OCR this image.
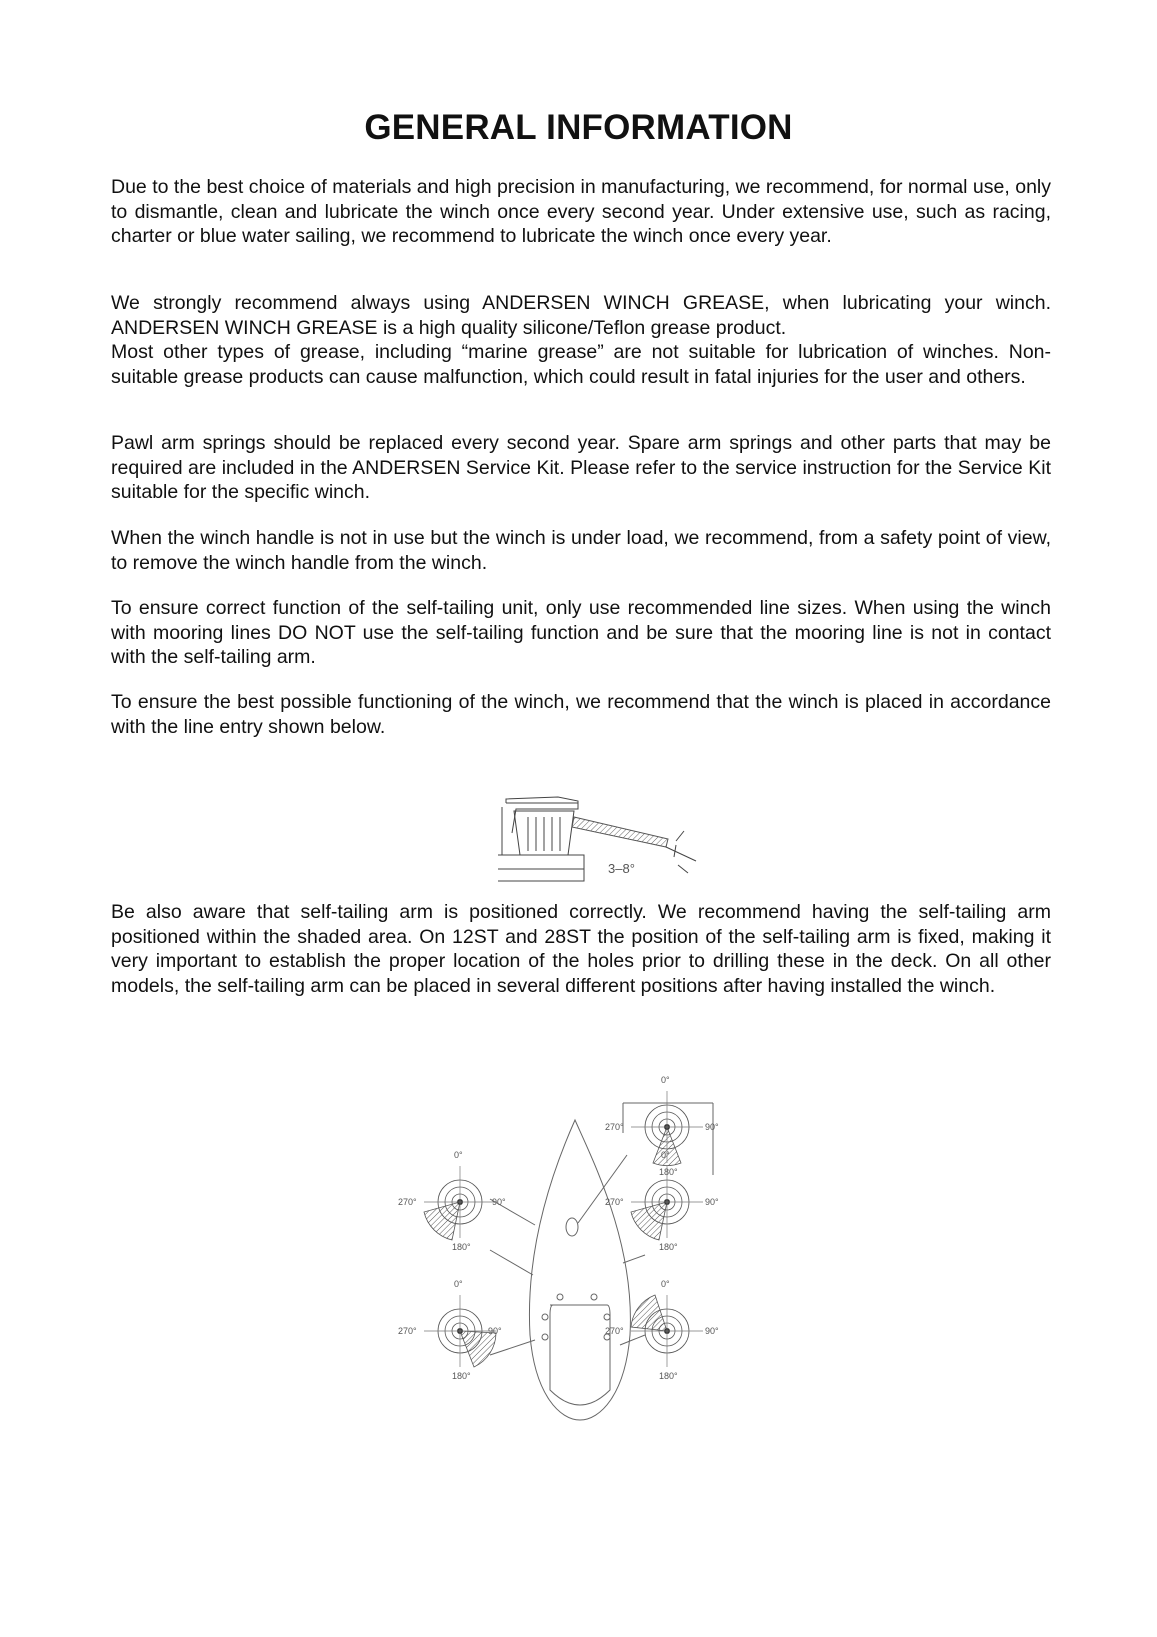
GENERAL INFORMATION
Due to the best choice of materials and high precision in manufacturing, we recommend, for normal use, only to dismantle, clean and lubricate the winch once every second year. Under extensive use, such as racing, charter or blue water sailing, we recommend to lubricate the winch once every year.
We strongly recommend always using ANDERSEN WINCH GREASE, when lubricating your winch. ANDERSEN WINCH GREASE is a high quality silicone/Teflon grease product.
Most other types of grease, including “marine grease” are not suitable for lubrication of winches. Non-suitable grease products can cause malfunction, which could result in fatal injuries for the user and others.
Pawl arm springs should be replaced every second year. Spare arm springs and other parts that may be required are included in the ANDERSEN Service Kit. Please refer to the service instruction for the Service Kit suitable for the specific winch.
When the winch handle is not in use but the winch is under load, we recommend, from a safety point of view, to remove the winch handle from the winch.
To ensure correct function of the self-tailing unit, only use recommended line sizes. When using the winch with mooring lines DO NOT use the self-tailing function and be sure that the mooring line is not in contact with the self-tailing arm.
To ensure the best possible functioning of the winch, we recommend that the winch is placed in accordance with the line entry shown below.
3–8°
Be also aware that self-tailing arm is positioned correctly. We recommend having the self-tailing arm positioned within the shaded area. On 12ST and 28ST the position of the self-tailing arm is fixed, making it very important to establish the proper location of the holes prior to drilling these in the deck. On all other models, the self-tailing arm can be placed in several different positions after having installed the winch.
0°
90°
180°
270°
0°
90°
180°
270°
0°
90°
180°
270°
0°
90°
180°
270°
0°
90°
180°
270°
